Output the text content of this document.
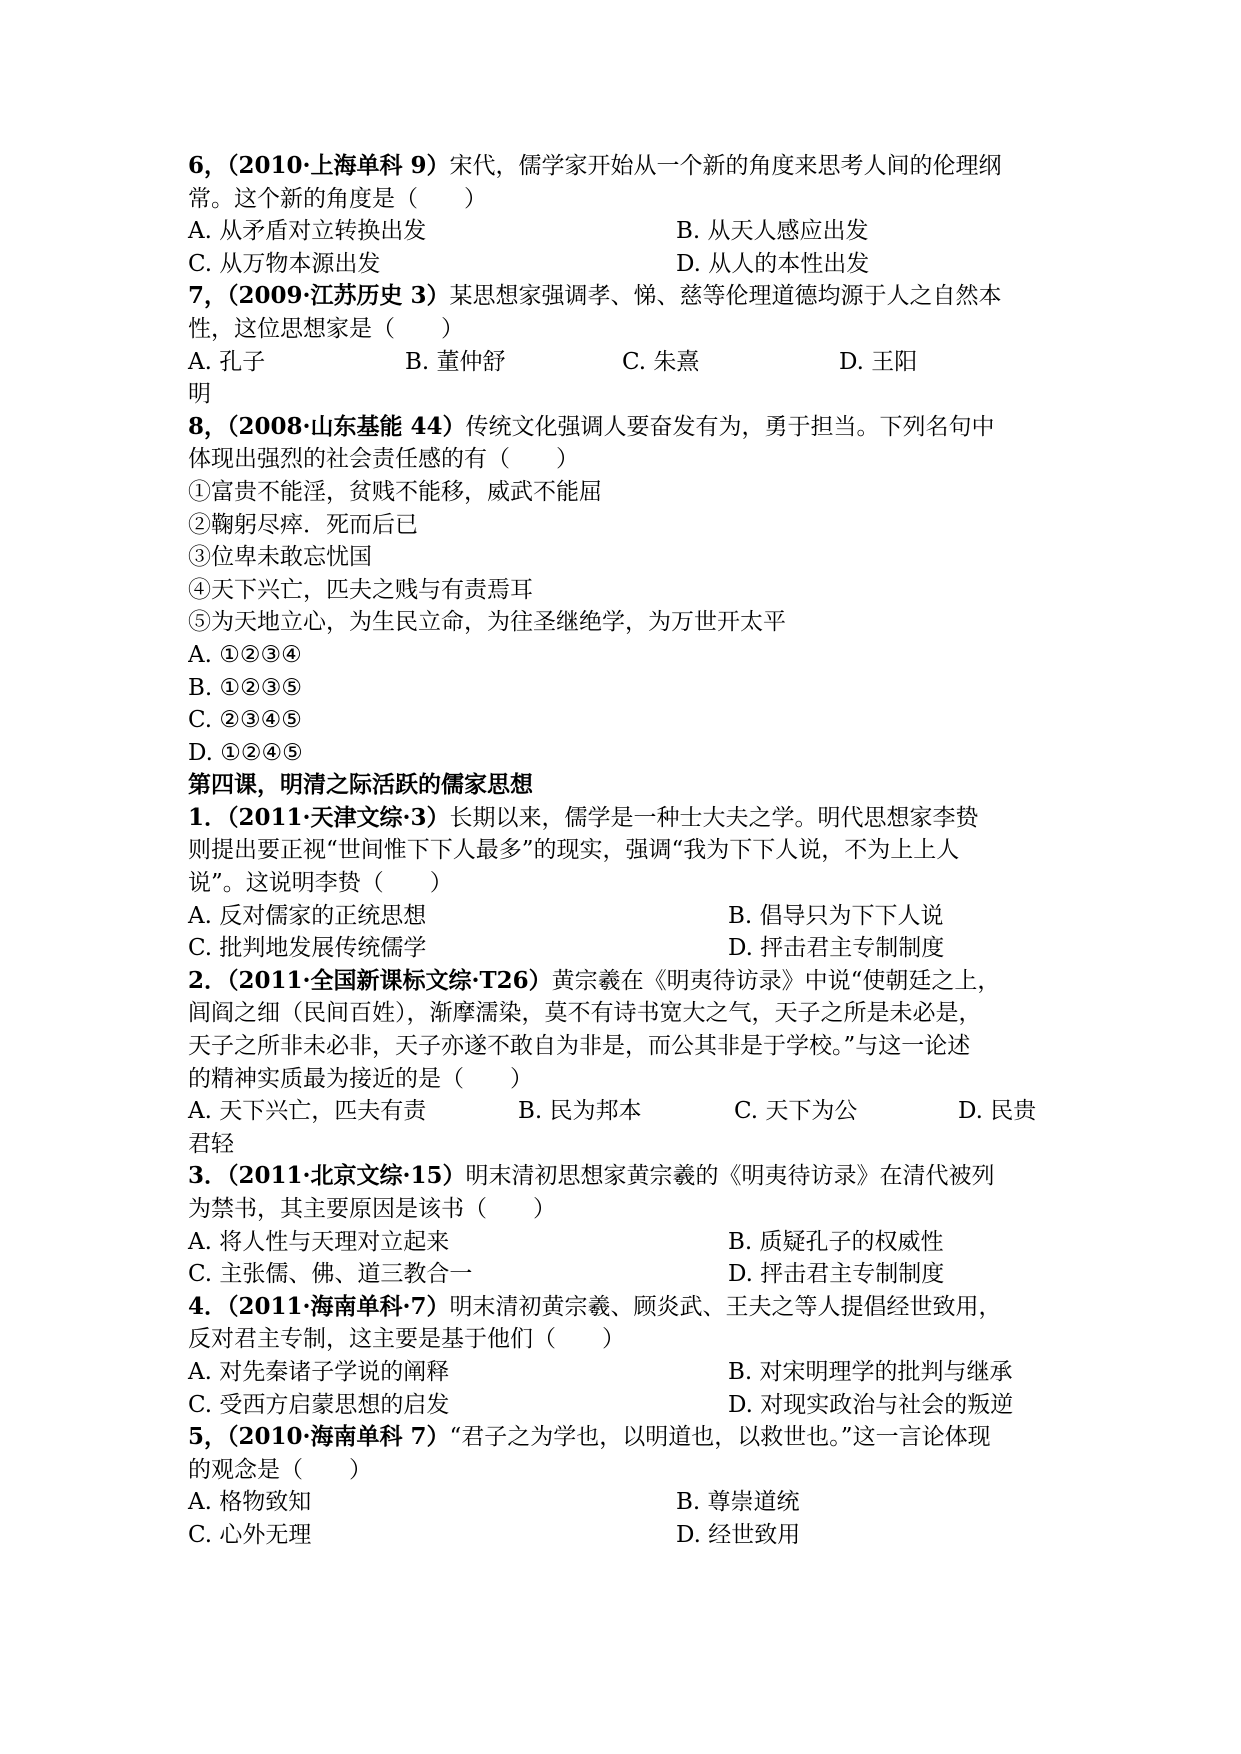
6，（2010·上海单科 9）宋代，儒学家开始从一个新的角度来思考人间的伦理纲
常。这个新的角度是（　　）
A. 从矛盾对立转换出发	B. 从天人感应出发
C. 从万物本源出发	D. 从人的本性出发
7，（2009·江苏历史 3）某思想家强调孝、悌、慈等伦理道德均源于人之自然本
性，这位思想家是（　　）
A. 孔子	B. 董仲舒	C. 朱熹	D. 王阳
明
8，（2008·山东基能 44）传统文化强调人要奋发有为，勇于担当。下列名句中
体现出强烈的社会责任感的有（　　）
①富贵不能淫，贫贱不能移，威武不能屈
②鞠躬尽瘁．死而后已
③位卑未敢忘忧国
④天下兴亡，匹夫之贱与有责焉耳
⑤为天地立心，为生民立命，为往圣继绝学，为万世开太平
A. ①②③④
B. ①②③⑤
C. ②③④⑤
D. ①②④⑤
第四课，明清之际活跃的儒家思想
1．（2011·天津文综·3）长期以来，儒学是一种士大夫之学。明代思想家李贽
则提出要正视“世间惟下下人最多”的现实，强调“我为下下人说，不为上上人
说”。这说明李贽（　　）
A. 反对儒家的正统思想	B. 倡导只为下下人说
C. 批判地发展传统儒学	D. 抨击君主专制制度
2．（2011·全国新课标文综·T26）黄宗羲在《明夷待访录》中说“使朝廷之上，
闾阎之细（民间百姓），渐摩濡染，莫不有诗书宽大之气，天子之所是未必是，
天子之所非未必非，天子亦遂不敢自为非是，而公其非是于学校。”与这一论述
的精神实质最为接近的是（　　）
A. 天下兴亡，匹夫有责	B. 民为邦本	C. 天下为公	D. 民贵
君轻
3．（2011·北京文综·15）明末清初思想家黄宗羲的《明夷待访录》在清代被列
为禁书，其主要原因是该书（　　）
A. 将人性与天理对立起来	B. 质疑孔子的权威性
C. 主张儒、佛、道三教合一	D. 抨击君主专制制度
4．（2011·海南单科·7）明末清初黄宗羲、顾炎武、王夫之等人提倡经世致用，
反对君主专制，这主要是基于他们（　　）
A. 对先秦诸子学说的阐释	B. 对宋明理学的批判与继承
C. 受西方启蒙思想的启发	D. 对现实政治与社会的叛逆
5，（2010·海南单科 7）“君子之为学也，以明道也，以救世也。”这一言论体现
的观念是（　　）
A. 格物致知	B. 尊崇道统
C. 心外无理	D. 经世致用
